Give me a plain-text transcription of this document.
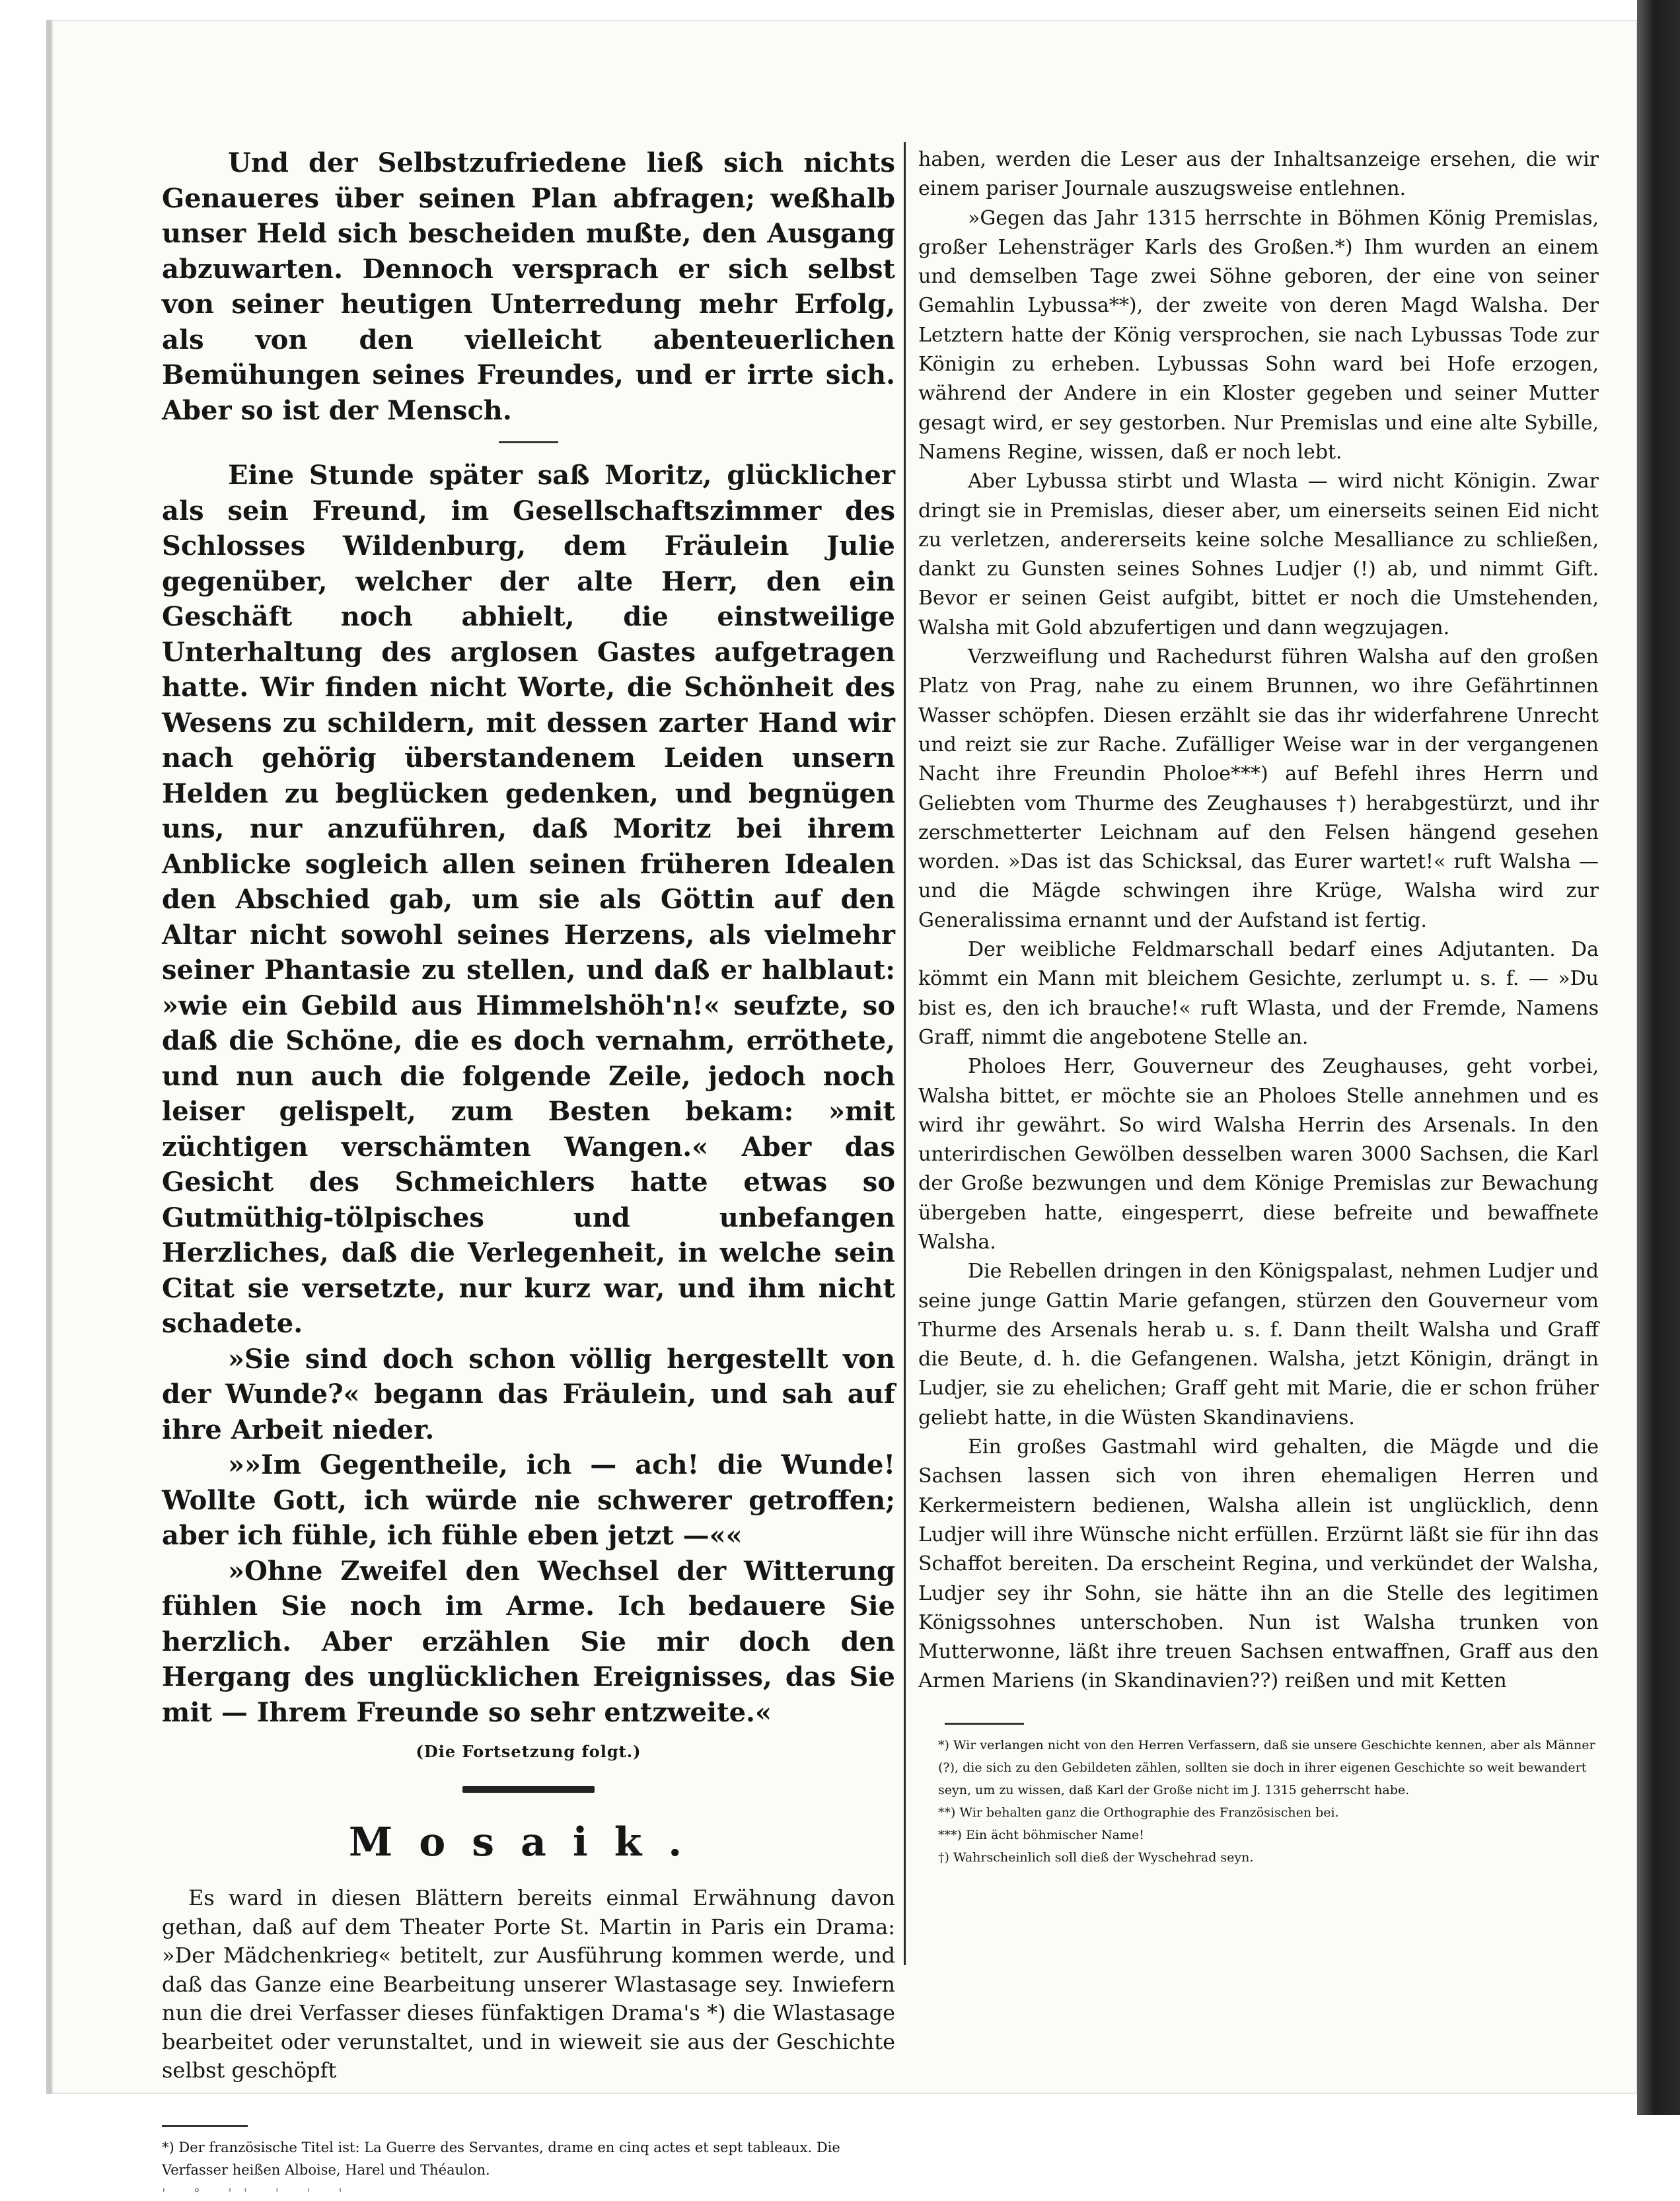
Und der Selbstzufriedene ließ sich nichts Genaueres über seinen Plan abfragen; weßhalb unser Held sich bescheiden mußte, den Ausgang abzuwarten. Dennoch versprach er sich selbst von seiner heutigen Unterredung mehr Erfolg, als von den vielleicht abenteuerlichen Bemühungen seines Freundes, und er irrte sich. Aber so ist der Mensch.

Eine Stunde später saß Moritz, glücklicher als sein Freund, im Gesellschaftszimmer des Schlosses Wildenburg, dem Fräulein Julie gegenüber, welcher der alte Herr, den ein Geschäft noch abhielt, die einstweilige Unterhaltung des arglosen Gastes aufgetragen hatte. Wir finden nicht Worte, die Schönheit des Wesens zu schildern, mit dessen zarter Hand wir nach gehörig überstandenem Leiden unsern Helden zu beglücken gedenken, und begnügen uns, nur anzuführen, daß Moritz bei ihrem Anblicke sogleich allen seinen früheren Idealen den Abschied gab, um sie als Göttin auf den Altar nicht sowohl seines Herzens, als vielmehr seiner Phantasie zu stellen, und daß er halblaut: »wie ein Gebild aus Himmelshöh'n!« seufzte, so daß die Schöne, die es doch vernahm, erröthete, und nun auch die folgende Zeile, jedoch noch leiser gelispelt, zum Besten bekam: »mit züchtigen verschämten Wangen.« Aber das Gesicht des Schmeichlers hatte etwas so Gutmüthig-tölpisches und unbefangen Herzliches, daß die Verlegenheit, in welche sein Citat sie versetzte, nur kurz war, und ihm nicht schadete.

»Sie sind doch schon völlig hergestellt von der Wunde?« begann das Fräulein, und sah auf ihre Arbeit nieder.

»»Im Gegentheile, ich — ach! die Wunde! Wollte Gott, ich würde nie schwerer getroffen; aber ich fühle, ich fühle eben jetzt —««

»Ohne Zweifel den Wechsel der Witterung fühlen Sie noch im Arme. Ich bedauere Sie herzlich. Aber erzählen Sie mir doch den Hergang des unglücklichen Ereignisses, das Sie mit — Ihrem Freunde so sehr entzweite.«

(Die Fortsetzung folgt.)

Mosaik.

Es ward in diesen Blättern bereits einmal Erwähnung davon gethan, daß auf dem Theater Porte St. Martin in Paris ein Drama: »Der Mädchenkrieg« betitelt, zur Ausführung kommen werde, und daß das Ganze eine Bearbeitung unserer Wlastasage sey. Inwiefern nun die drei Verfasser dieses fünfaktigen Drama's *) die Wlastasage bearbeitet oder verunstaltet, und in wieweit sie aus der Geschichte selbst geschöpft

*) Der französische Titel ist: La Guerre des Servantes, drame en cinq actes et sept tableaux. Die Verfasser heißen Alboise, Harel und Théaulon.

' ° '' ' ' '

haben, werden die Leser aus der Inhaltsanzeige ersehen, die wir einem pariser Journale auszugsweise entlehnen.

»Gegen das Jahr 1315 herrschte in Böhmen König Premislas, großer Lehensträger Karls des Großen.*) Ihm wurden an einem und demselben Tage zwei Söhne geboren, der eine von seiner Gemahlin Lybussa**), der zweite von deren Magd Walsha. Der Letztern hatte der König versprochen, sie nach Lybussas Tode zur Königin zu erheben. Lybussas Sohn ward bei Hofe erzogen, während der Andere in ein Kloster gegeben und seiner Mutter gesagt wird, er sey gestorben. Nur Premislas und eine alte Sybille, Namens Regine, wissen, daß er noch lebt.

Aber Lybussa stirbt und Wlasta — wird nicht Königin. Zwar dringt sie in Premislas, dieser aber, um einerseits seinen Eid nicht zu verletzen, andererseits keine solche Mesalliance zu schließen, dankt zu Gunsten seines Sohnes Ludjer (!) ab, und nimmt Gift. Bevor er seinen Geist aufgibt, bittet er noch die Umstehenden, Walsha mit Gold abzufertigen und dann wegzujagen.

Verzweiflung und Rachedurst führen Walsha auf den großen Platz von Prag, nahe zu einem Brunnen, wo ihre Gefährtinnen Wasser schöpfen. Diesen erzählt sie das ihr widerfahrene Unrecht und reizt sie zur Rache. Zufälliger Weise war in der vergangenen Nacht ihre Freundin Pholoe***) auf Befehl ihres Herrn und Geliebten vom Thurme des Zeughauses †) herabgestürzt, und ihr zerschmetterter Leichnam auf den Felsen hängend gesehen worden. »Das ist das Schicksal, das Eurer wartet!« ruft Walsha — und die Mägde schwingen ihre Krüge, Walsha wird zur Generalissima ernannt und der Aufstand ist fertig.

Der weibliche Feldmarschall bedarf eines Adjutanten. Da kömmt ein Mann mit bleichem Gesichte, zerlumpt u. s. f. — »Du bist es, den ich brauche!« ruft Wlasta, und der Fremde, Namens Graff, nimmt die angebotene Stelle an.

Pholoes Herr, Gouverneur des Zeughauses, geht vorbei, Walsha bittet, er möchte sie an Pholoes Stelle annehmen und es wird ihr gewährt. So wird Walsha Herrin des Arsenals. In den unterirdischen Gewölben desselben waren 3000 Sachsen, die Karl der Große bezwungen und dem Könige Premislas zur Bewachung übergeben hatte, eingesperrt, diese befreite und bewaffnete Walsha.

Die Rebellen dringen in den Königspalast, nehmen Ludjer und seine junge Gattin Marie gefangen, stürzen den Gouverneur vom Thurme des Arsenals herab u. s. f. Dann theilt Walsha und Graff die Beute, d. h. die Gefangenen. Walsha, jetzt Königin, drängt in Ludjer, sie zu ehelichen; Graff geht mit Marie, die er schon früher geliebt hatte, in die Wüsten Skandinaviens.

Ein großes Gastmahl wird gehalten, die Mägde und die Sachsen lassen sich von ihren ehemaligen Herren und Kerkermeistern bedienen, Walsha allein ist unglücklich, denn Ludjer will ihre Wünsche nicht erfüllen. Erzürnt läßt sie für ihn das Schaffot bereiten. Da erscheint Regina, und verkündet der Walsha, Ludjer sey ihr Sohn, sie hätte ihn an die Stelle des legitimen Königssohnes unterschoben. Nun ist Walsha trunken von Mutterwonne, läßt ihre treuen Sachsen entwaffnen, Graff aus den Armen Mariens (in Skandinavien??) reißen und mit Ketten

*) Wir verlangen nicht von den Herren Verfassern, daß sie unsere Geschichte kennen, aber als Männer (?), die sich zu den Gebildeten zählen, sollten sie doch in ihrer eigenen Geschichte so weit bewandert seyn, um zu wissen, daß Karl der Große nicht im J. 1315 geherrscht habe.

**) Wir behalten ganz die Orthographie des Französischen bei.

***) Ein ächt böhmischer Name!

†) Wahrscheinlich soll dieß der Wyschehrad seyn.
